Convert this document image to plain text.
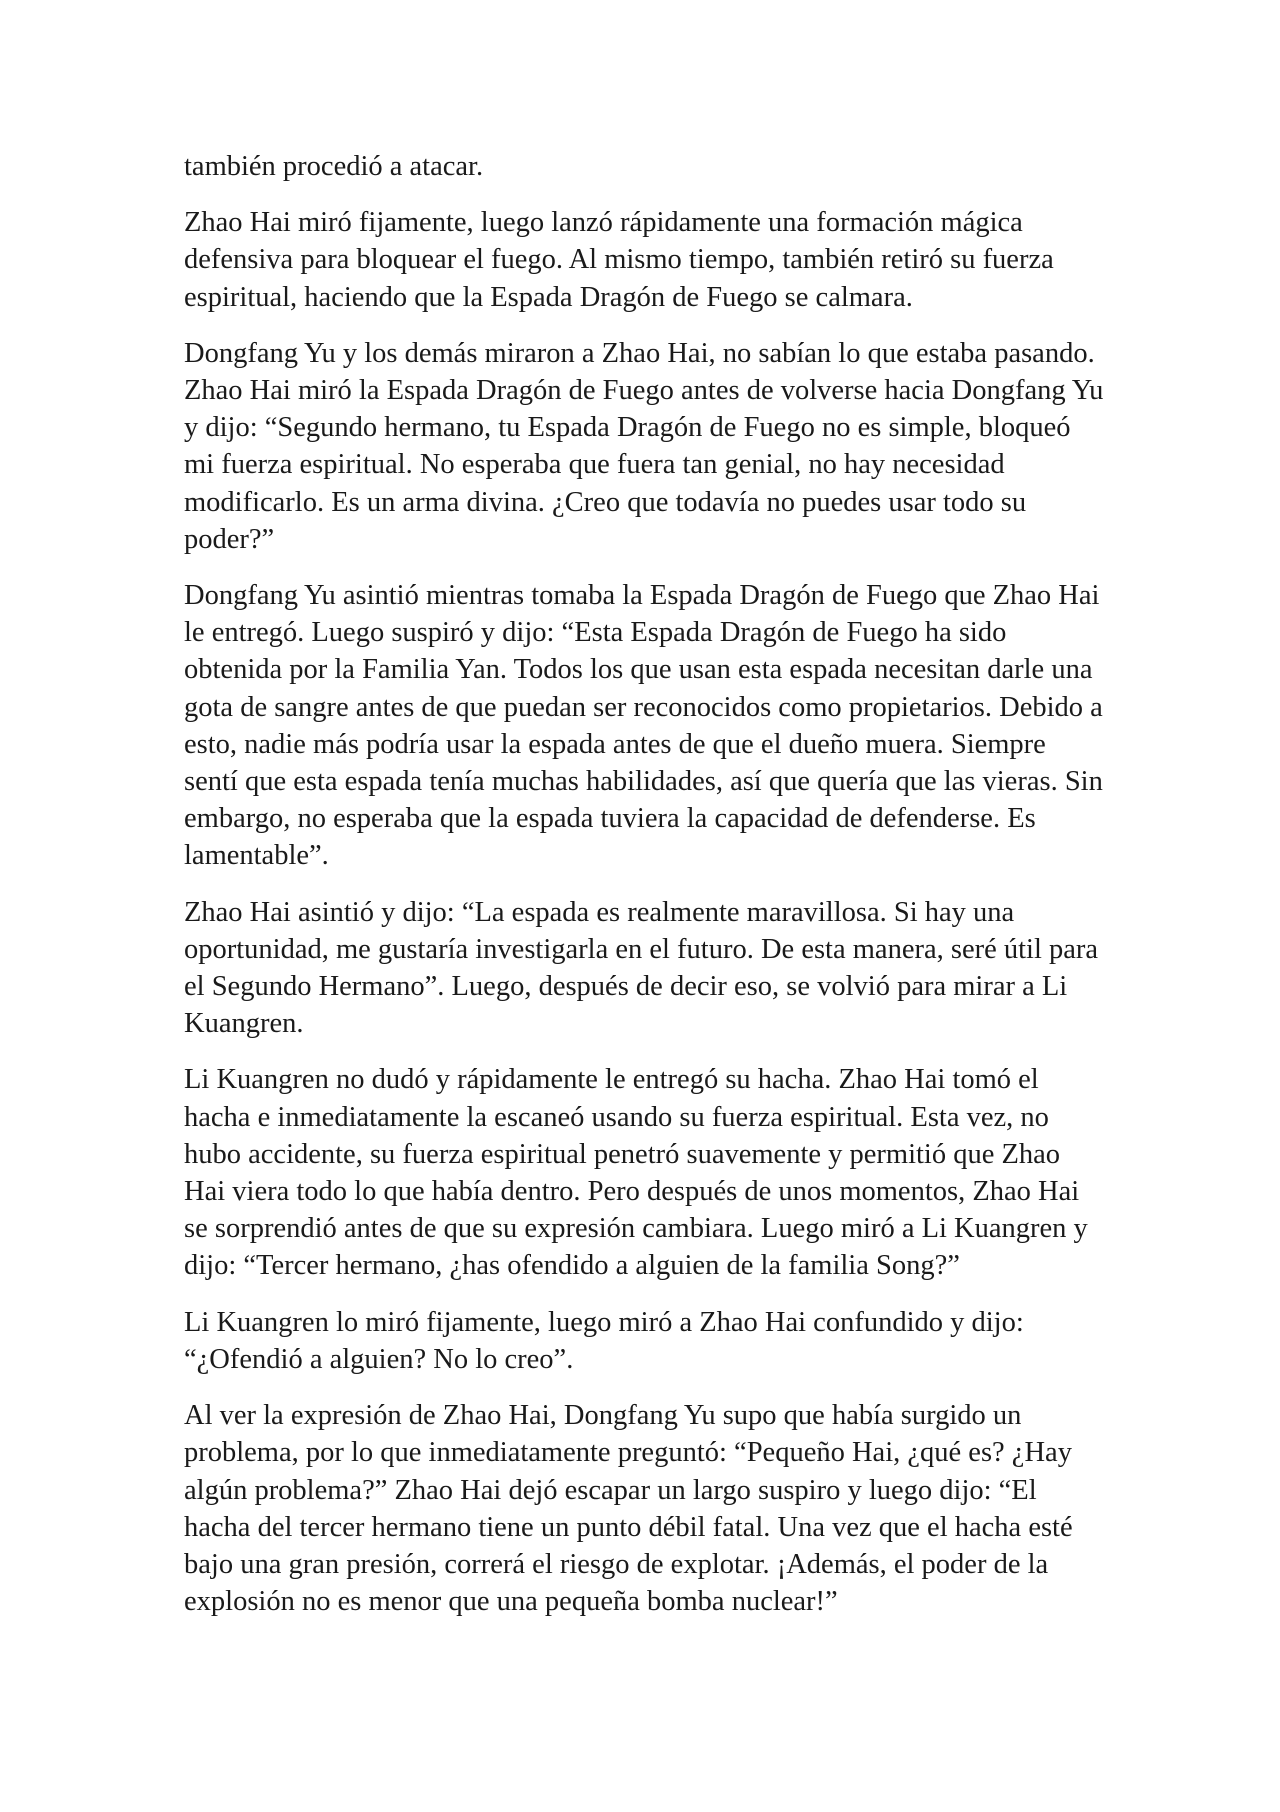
también procedió a atacar.

Zhao Hai miró fijamente, luego lanzó rápidamente una formación mágica defensiva para bloquear el fuego. Al mismo tiempo, también retiró su fuerza espiritual, haciendo que la Espada Dragón de Fuego se calmara.

Dongfang Yu y los demás miraron a Zhao Hai, no sabían lo que estaba pasando. Zhao Hai miró la Espada Dragón de Fuego antes de volverse hacia Dongfang Yu y dijo: “Segundo hermano, tu Espada Dragón de Fuego no es simple, bloqueó mi fuerza espiritual. No esperaba que fuera tan genial, no hay necesidad modificarlo. Es un arma divina. ¿Creo que todavía no puedes usar todo su poder?”

Dongfang Yu asintió mientras tomaba la Espada Dragón de Fuego que Zhao Hai le entregó. Luego suspiró y dijo: “Esta Espada Dragón de Fuego ha sido obtenida por la Familia Yan. Todos los que usan esta espada necesitan darle una gota de sangre antes de que puedan ser reconocidos como propietarios. Debido a esto, nadie más podría usar la espada antes de que el dueño muera. Siempre sentí que esta espada tenía muchas habilidades, así que quería que las vieras. Sin embargo, no esperaba que la espada tuviera la capacidad de defenderse. Es lamentable”.

Zhao Hai asintió y dijo: “La espada es realmente maravillosa. Si hay una oportunidad, me gustaría investigarla en el futuro. De esta manera, seré útil para el Segundo Hermano”. Luego, después de decir eso, se volvió para mirar a Li Kuangren.

Li Kuangren no dudó y rápidamente le entregó su hacha. Zhao Hai tomó el hacha e inmediatamente la escaneó usando su fuerza espiritual. Esta vez, no hubo accidente, su fuerza espiritual penetró suavemente y permitió que Zhao Hai viera todo lo que había dentro. Pero después de unos momentos, Zhao Hai se sorprendió antes de que su expresión cambiara. Luego miró a Li Kuangren y dijo: “Tercer hermano, ¿has ofendido a alguien de la familia Song?”

Li Kuangren lo miró fijamente, luego miró a Zhao Hai confundido y dijo: “¿Ofendió a alguien? No lo creo”.

Al ver la expresión de Zhao Hai, Dongfang Yu supo que había surgido un problema, por lo que inmediatamente preguntó: “Pequeño Hai, ¿qué es? ¿Hay algún problema?” Zhao Hai dejó escapar un largo suspiro y luego dijo: “El hacha del tercer hermano tiene un punto débil fatal. Una vez que el hacha esté bajo una gran presión, correrá el riesgo de explotar. ¡Además, el poder de la explosión no es menor que una pequeña bomba nuclear!”
